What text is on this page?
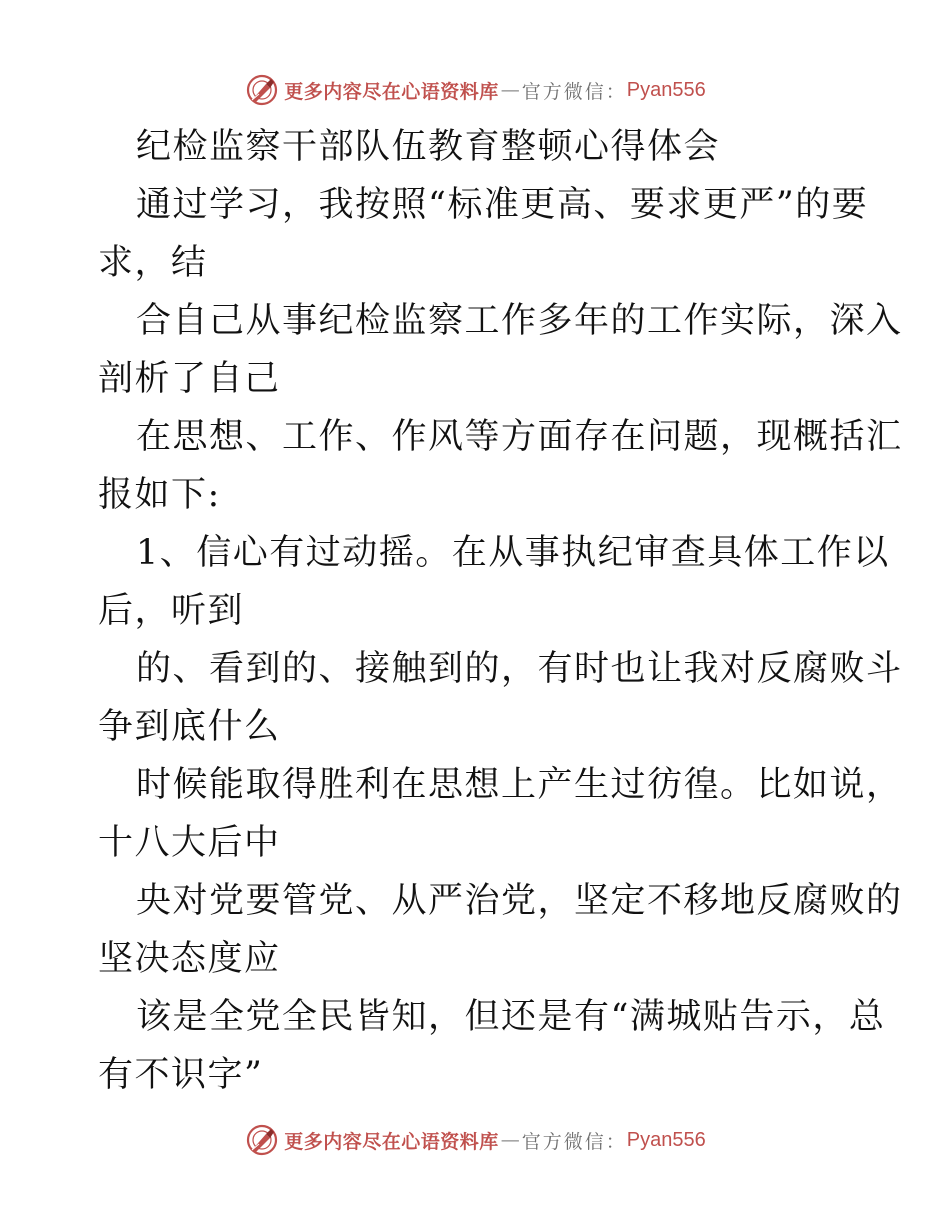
更多内容尽在心语资料库 — 官方微信： Pyan556
纪检监察干部队伍教育整顿心得体会
通过学习，我按照“标准更高、要求更严”的要
求，结
合自己从事纪检监察工作多年的工作实际，深入
剖析了自己
在思想、工作、作风等方面存在问题，现概括汇
报如下:
1、信心有过动摇。在从事执纪审查具体工作以
后，听到
的、看到的、接触到的，有时也让我对反腐败斗
争到底什么
时候能取得胜利在思想上产生过彷徨。比如说，
十八大后中
央对党要管党、从严治党，坚定不移地反腐败的
坚决态度应
该是全党全民皆知，但还是有“满城贴告示，总
有不识字”
更多内容尽在心语资料库 — 官方微信： Pyan556
